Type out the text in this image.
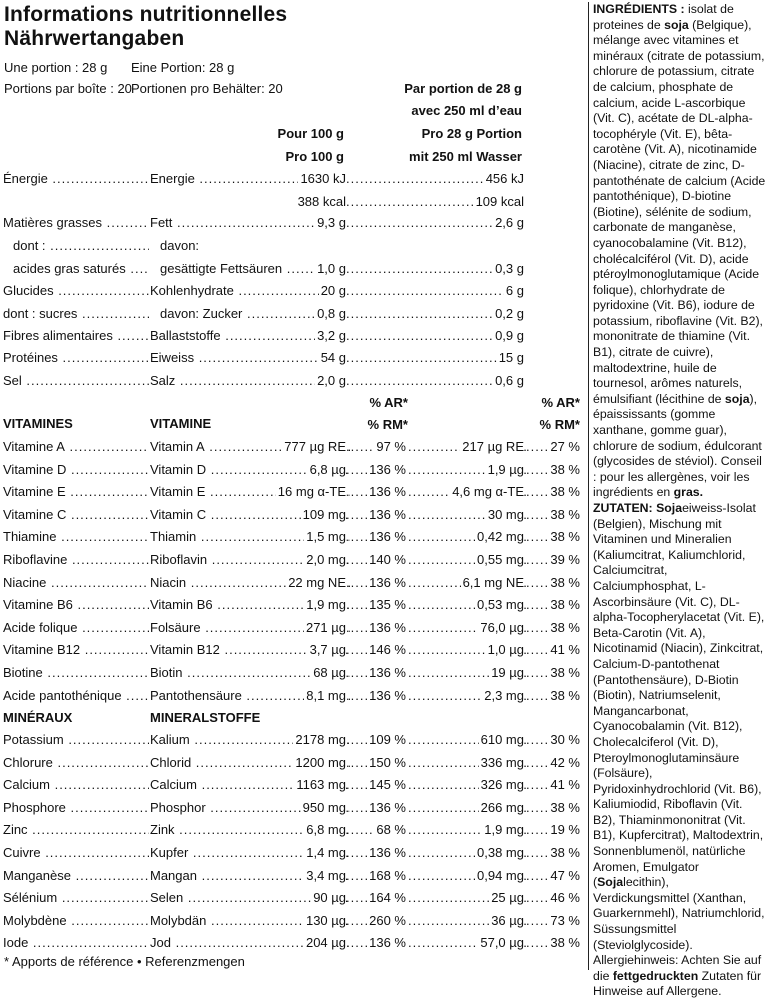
Informations nutritionnelles
Nährwertangaben
Une portion : 28 g Eine Portion: 28 g
Portions par boîte : 20 Portionen pro Behälter: 20	Par portion de 28 g
avec 250 ml d’eau
Pour 100 g	Pro 28 g Portion
Pro 100 g	mit 250 ml Wasser
Énergie .....	Energie .....	1630 kJ .....	456 kJ
388 kcal .....	109 kcal
Matières grasses .....	Fett .....	9,3 g .....	2,6 g
dont : .....	davon:
acides gras saturés .....	gesättigte Fettsäuren .....	1,0 g .....	0,3 g
Glucides .....	Kohlenhydrate .....	20 g .....	6 g
dont : sucres .....	davon: Zucker .....	0,8 g .....	0,2 g
Fibres alimentaires .....	Ballaststoffe .....	3,2 g .....	0,9 g
Protéines .....	Eiweiss .....	54 g .....	15 g
Sel .....	Salz .....	2,0 g .....	0,6 g
VITAMINES	VITAMINE
Vitamine A .....	Vitamin A .....	777 µg RE ..... 97 % .....	217 µg RE ..... 27 %
Vitamine D .....	Vitamin D .....	6,8 µg ..... 136 % .....	1,9 µg ..... 38 %
Vitamine E .....	Vitamin E .....	16 mg α-TE ..... 136 % .....	4,6 mg α-TE ..... 38 %
Vitamine C .....	Vitamin C .....	109 mg ..... 136 % .....	30 mg ..... 38 %
Thiamine .....	Thiamin .....	1,5 mg ..... 136 % .....	0,42 mg ..... 38 %
Riboflavine .....	Riboflavin .....	2,0 mg ..... 140 % .....	0,55 mg ..... 39 %
Niacine .....	Niacin .....	22 mg NE ..... 136 % .....	6,1 mg NE ..... 38 %
Vitamine B6 .....	Vitamin B6 .....	1,9 mg ..... 135 % .....	0,53 mg ..... 38 %
Acide folique .....	Folsäure .....	271 µg ..... 136 % .....	76,0 µg ..... 38 %
Vitamine B12 .....	Vitamin B12 .....	3,7 µg ..... 146 % .....	1,0 µg ..... 41 %
Biotine .....	Biotin .....	68 µg ..... 136 % .....	19 µg ..... 38 %
Acide pantothénique .....	Pantothensäure .....	8,1 mg ..... 136 % .....	2,3 mg ..... 38 %
MINÉRAUX	MINERALSTOFFE
Potassium .....	Kalium .....	2178 mg ..... 109 % .....	610 mg ..... 30 %
Chlorure .....	Chlorid .....	1200 mg ..... 150 % .....	336 mg ..... 42 %
Calcium .....	Calcium .....	1163 mg ..... 145 % .....	326 mg ..... 41 %
Phosphore .....	Phosphor .....	950 mg ..... 136 % .....	266 mg ..... 38 %
Zinc .....	Zink .....	6,8 mg ..... 68 % .....	1,9 mg ..... 19 %
Cuivre .....	Kupfer .....	1,4 mg ..... 136 % .....	0,38 mg ..... 38 %
Manganèse .....	Mangan .....	3,4 mg ..... 168 % .....	0,94 mg ..... 47 %
Sélénium .....	Selen .....	90 µg ..... 164 % .....	25 µg ..... 46 %
Molybdène .....	Molybdän .....	130 µg ..... 260 % .....	36 µg ..... 73 %
Iode .....	Jod .....	204 µg ..... 136 % .....	57,0 µg ..... 38 %
% AR*
% RM*
% AR*
% RM*
* Apports de référence • Referenzmengen

INGRÉDIENTS : isolat de proteines de soja (Belgique), mélange avec vitamines et minéraux (citrate de potassium, chlorure de potassium, citrate de calcium, phosphate de calcium, acide L-ascorbique (Vit. C), acétate de DL-alpha-tocophéryle (Vit. E), bêta-carotène (Vit. A), nicotinamide (Niacine), citrate de zinc, D-pantothénate de calcium (Acide pantothénique), D-biotine (Biotine), sélénite de sodium, carbonate de manganèse, cyanocobalamine (Vit. B12), cholécalciférol (Vit. D), acide ptéroylmonoglutamique (Acide folique), chlorhydrate de pyridoxine (Vit. B6), iodure de potassium, riboflavine (Vit. B2), mononitrate de thiamine (Vit. B1), citrate de cuivre), maltodextrine, huile de tournesol, arômes naturels, émulsifiant (lécithine de soja), épaississants (gomme xanthane, gomme guar), chlorure de sodium, édulcorant (glycosides de stéviol). Conseil : pour les allergènes, voir les ingrédients en gras.

ZUTATEN: Sojaeiweiss-Isolat (Belgien), Mischung mit Vitaminen und Mineralien (Kaliumcitrat, Kaliumchlorid, Calciumcitrat, Calciumphosphat, L-Ascorbinsäure (Vit. C), DL-alpha-Tocopherylacetat (Vit. E), Beta-Carotin (Vit. A), Nicotinamid (Niacin), Zinkcitrat, Calcium-D-pantothenat (Pantothensäure), D-Biotin (Biotin), Natriumselenit, Mangancarbonat, Cyanocobalamin (Vit. B12), Cholecalciferol (Vit. D), Pteroylmonoglutaminsäure (Folsäure), Pyridoxinhydrochlorid (Vit. B6), Kaliumiodid, Riboflavin (Vit. B2), Thiaminmononitrat (Vit. B1), Kupfercitrat), Maltodextrin, Sonnenblumenöl, natürliche Aromen, Emulgator (Sojalecithin), Verdickungsmittel (Xanthan, Guarkernmehl), Natriumchlorid, Süssungsmittel (Steviolglycoside). Allergiehinweis: Achten Sie auf die fettgedruckten Zutaten für Hinweise auf Allergene.
